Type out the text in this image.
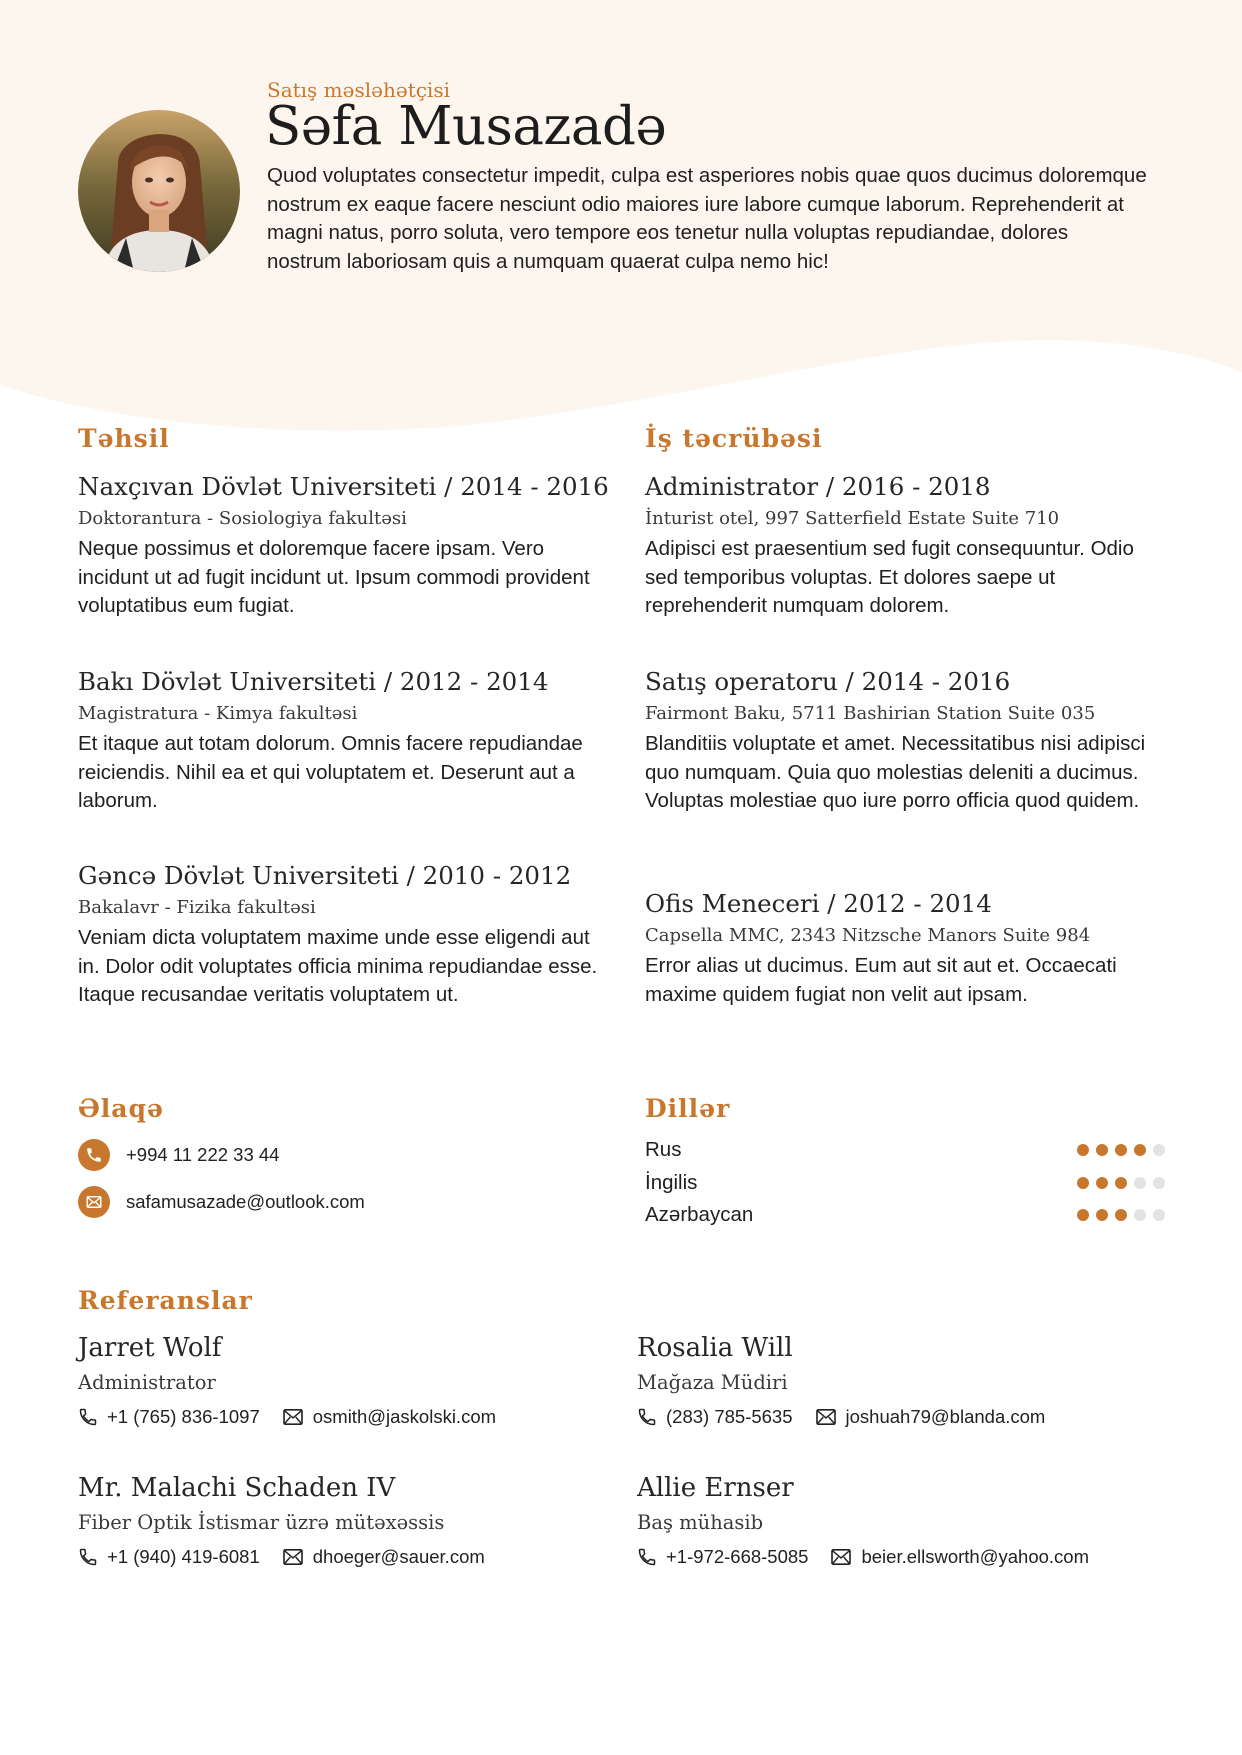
Satış məsləhətçisi
Səfa Musazadə

Quod voluptates consectetur impedit, culpa est asperiores nobis quae quos ducimus doloremque nostrum ex eaque facere nesciunt odio maiores iure labore cumque laborum. Reprehenderit at magni natus, porro soluta, vero tempore eos tenetur nulla voluptas repudiandae, dolores nostrum laboriosam quis a numquam quaerat culpa nemo hic!

Təhsil

Naxçıvan Dövlət Universiteti / 2014 - 2016

Doktorantura - Sosiologiya fakultəsi

Neque possimus et doloremque facere ipsam. Vero incidunt ut ad fugit incidunt ut. Ipsum commodi provident voluptatibus eum fugiat.

Bakı Dövlət Universiteti / 2012 - 2014

Magistratura - Kimya fakultəsi

Et itaque aut totam dolorum. Omnis facere repudiandae reiciendis. Nihil ea et qui voluptatem et. Deserunt aut a laborum.

Gəncə Dövlət Universiteti / 2010 - 2012

Bakalavr - Fizika fakultəsi

Veniam dicta voluptatem maxime unde esse eligendi aut in. Dolor odit voluptates officia minima repudiandae esse. Itaque recusandae veritatis voluptatem ut.

İş təcrübəsi

Administrator / 2016 - 2018

İnturist otel, 997 Satterfield Estate Suite 710

Adipisci est praesentium sed fugit consequuntur. Odio sed temporibus voluptas. Et dolores saepe ut reprehenderit numquam dolorem.

Satış operatoru / 2014 - 2016

Fairmont Baku, 5711 Bashirian Station Suite 035

Blanditiis voluptate et amet. Necessitatibus nisi adipisci quo numquam. Quia quo molestias deleniti a ducimus. Voluptas molestiae quo iure porro officia quod quidem.

Ofis Meneceri / 2012 - 2014

Capsella MMC, 2343 Nitzsche Manors Suite 984

Error alias ut ducimus. Eum aut sit aut et. Occaecati maxime quidem fugiat non velit aut ipsam.

Əlaqə
+994 11 222 33 44
safamusazade@outlook.com
Dillər
Rus
İngilis
Azərbaycan
Referanslar

Jarret Wolf

Administrator

+1 (765) 836-1097	osmith@jaskolski.com

Rosalia Will

Mağaza Müdiri

(283) 785-5635	joshuah79@blanda.com

Mr. Malachi Schaden IV

Fiber Optik İstismar üzrə mütəxəssis

+1 (940) 419-6081	dhoeger@sauer.com

Allie Ernser

Baş mühasib

+1-972-668-5085	beier.ellsworth@yahoo.com
